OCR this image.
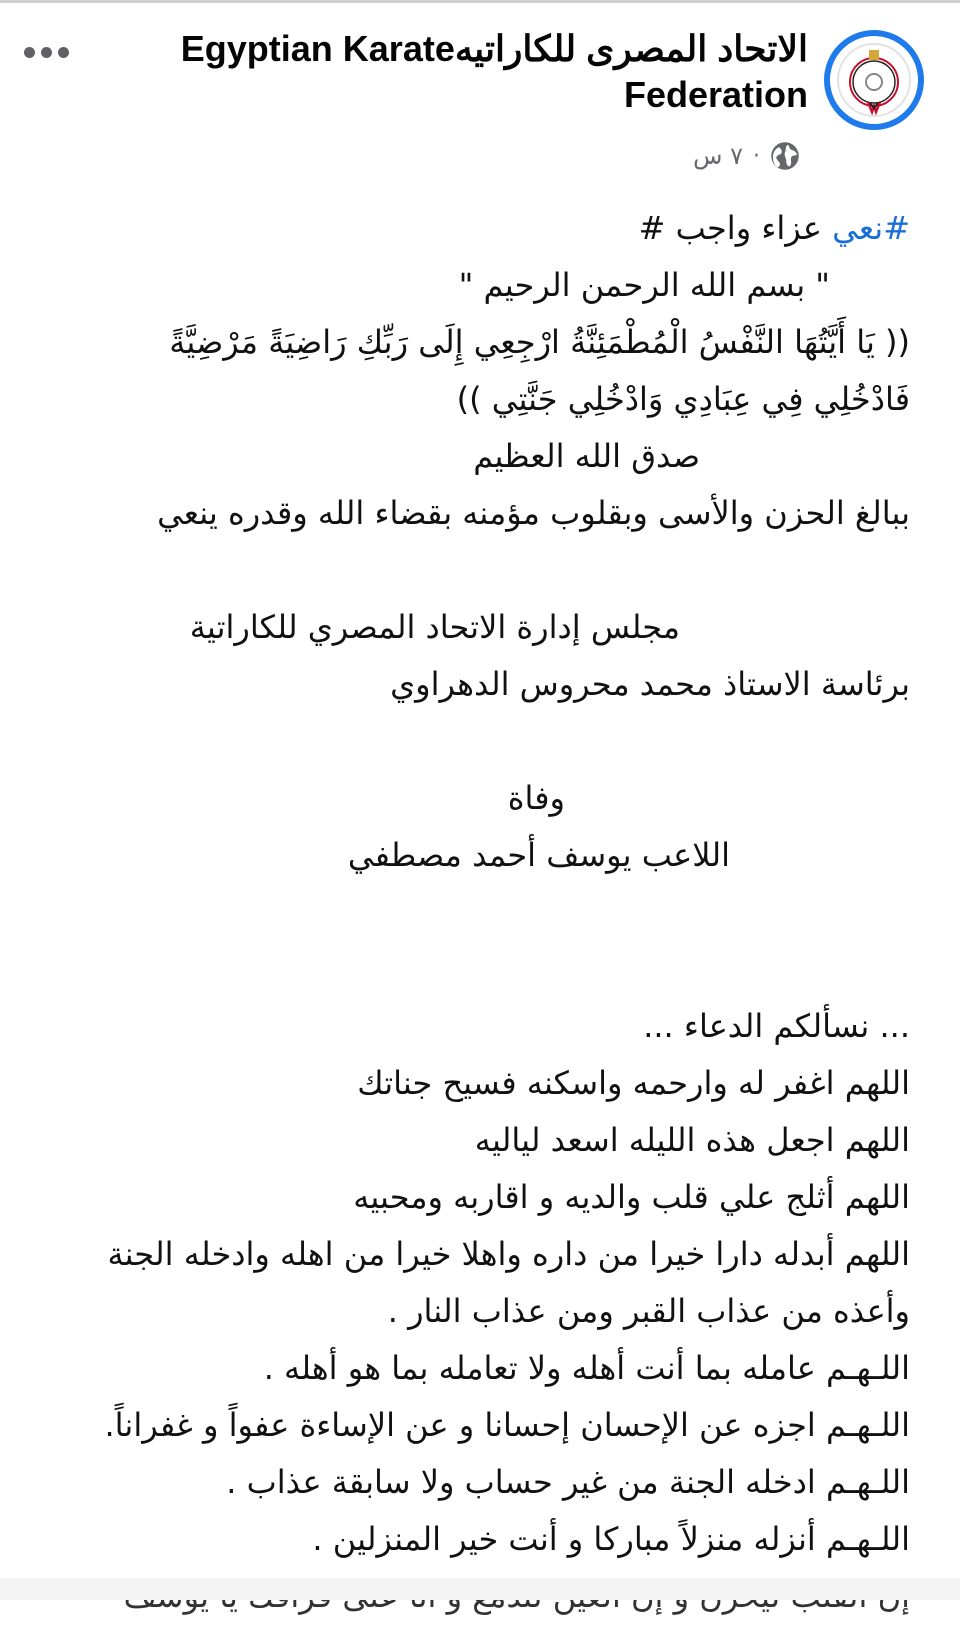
الاتحاد المصرى للكاراتيهEgyptian Karate Federation
٧ س ·
#نعي عزاء واجب #
" بسم الله الرحمن الرحيم "
(( يَا أَيَّتُهَا النَّفْسُ الْمُطْمَئِنَّةُ ارْجِعِي إِلَى رَبِّكِ رَاضِيَةً مَرْضِيَّةً
فَادْخُلِي فِي عِبَادِي وَادْخُلِي جَنَّتِي ))
صدق الله العظيم
ببالغ الحزن والأسى وبقلوب مؤمنه بقضاء الله وقدره ينعي
مجلس إدارة الاتحاد المصري للكاراتية
برئاسة الاستاذ محمد محروس الدهراوي
وفاة
اللاعب يوسف أحمد مصطفي
... نسألكم الدعاء ...
اللهم اغفر له وارحمه واسكنه فسيح جناتك
اللهم اجعل هذه الليله اسعد لياليه
اللهم أثلج علي قلب والديه و اقاربه ومحبيه
اللهم أبدله دارا خيرا من داره واهلا خيرا من اهله وادخله الجنة
وأعذه من عذاب القبر ومن عذاب النار .
اللـهـم عامله بما أنت أهله ولا تعامله بما هو أهله .
اللـهـم اجزه عن الإحسان إحسانا و عن الإساءة عفواً و غفراناً.
اللـهـم ادخله الجنة من غير حساب ولا سابقة عذاب .
اللـهـم أنزله منزلاً مباركا و أنت خير المنزلين .
